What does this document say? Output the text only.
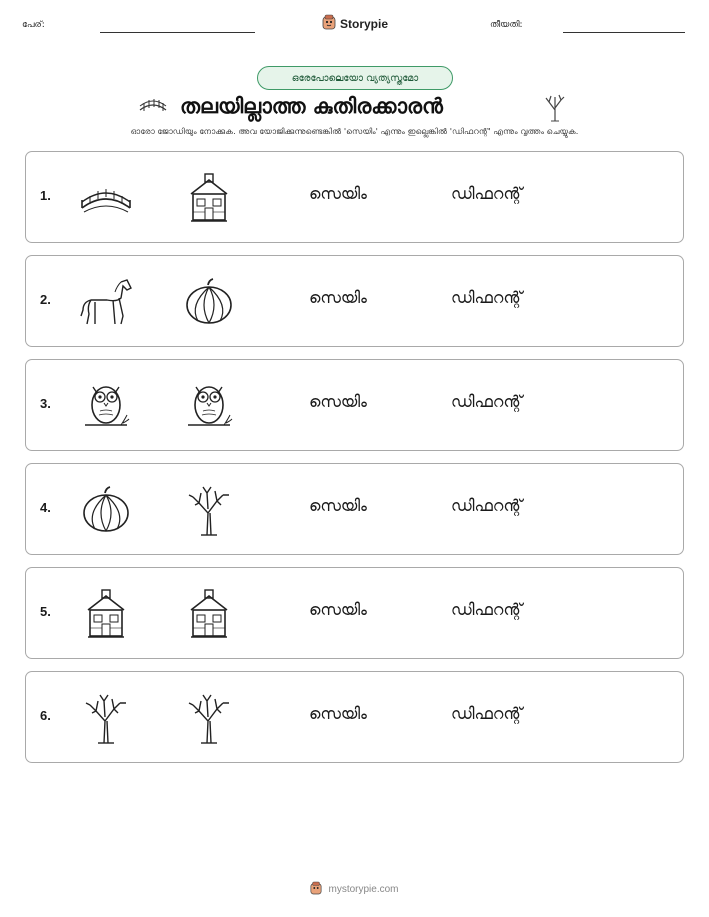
പേര്:	Storypie	തീയതി:
ഒരേപോലെയോ വ്യത്യസ്തമോ
തലയില്ലാത്ത കുതിരക്കാരൻ
ഓരോ ജോഡിയും നോക്കുക. അവ യോജിക്കുന്നുണ്ടെങ്കിൽ 'സെയിം' എന്നും ഇല്ലെങ്കിൽ 'ഡിഫറന്റ്' എന്നും വൃത്തം ചെയ്യുക.
1.	സെയിം	ഡിഫറന്റ്
2.	സെയിം	ഡിഫറന്റ്
3.	സെയിം	ഡിഫറന്റ്
4.	സെയിം	ഡിഫറന്റ്
5.	സെയിം	ഡിഫറന്റ്
6.	സെയിം	ഡിഫറന്റ്
mystorypie.com
